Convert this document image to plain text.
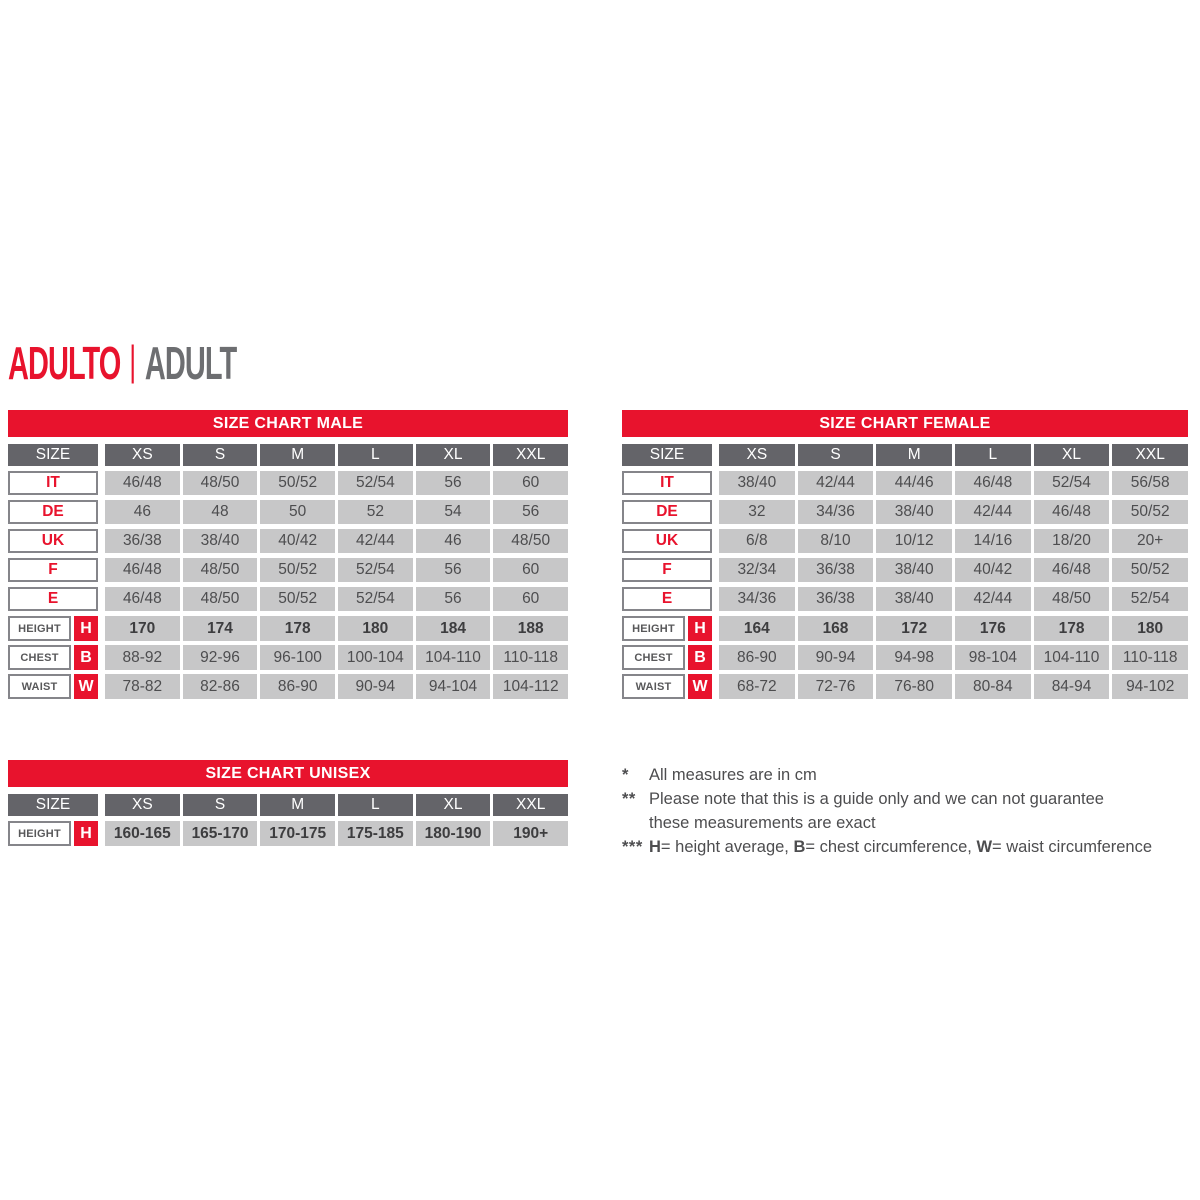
ADULTO | ADULT
SIZE CHART MALE
SIZE	XS	S	M	L	XL	XXL
IT	46/48	48/50	50/52	52/54	56	60
DE	46	48	50	52	54	56
UK	36/38	38/40	40/42	42/44	46	48/50
F	46/48	48/50	50/52	52/54	56	60
E	46/48	48/50	50/52	52/54	56	60
HEIGHT	H	170	174	178	180	184	188
CHEST	B	88-92	92-96	96-100	100-104	104-110	110-118
WAIST	W	78-82	82-86	86-90	90-94	94-104	104-112
SIZE CHART FEMALE
SIZE	XS	S	M	L	XL	XXL
IT	38/40	42/44	44/46	46/48	52/54	56/58
DE	32	34/36	38/40	42/44	46/48	50/52
UK	6/8	8/10	10/12	14/16	18/20	20+
F	32/34	36/38	38/40	40/42	46/48	50/52
E	34/36	36/38	38/40	42/44	48/50	52/54
HEIGHT	H	164	168	172	176	178	180
CHEST	B	86-90	90-94	94-98	98-104	104-110	110-118
WAIST	W	68-72	72-76	76-80	80-84	84-94	94-102
SIZE CHART UNISEX
SIZE	XS	S	M	L	XL	XXL
HEIGHT	H	160-165	165-170	170-175	175-185	180-190	190+
*	All measures are in cm
** Please note that this is a guide only and we can not guarantee
these measurements are exact
*** H= height average, B= chest circumference, W= waist circumference
